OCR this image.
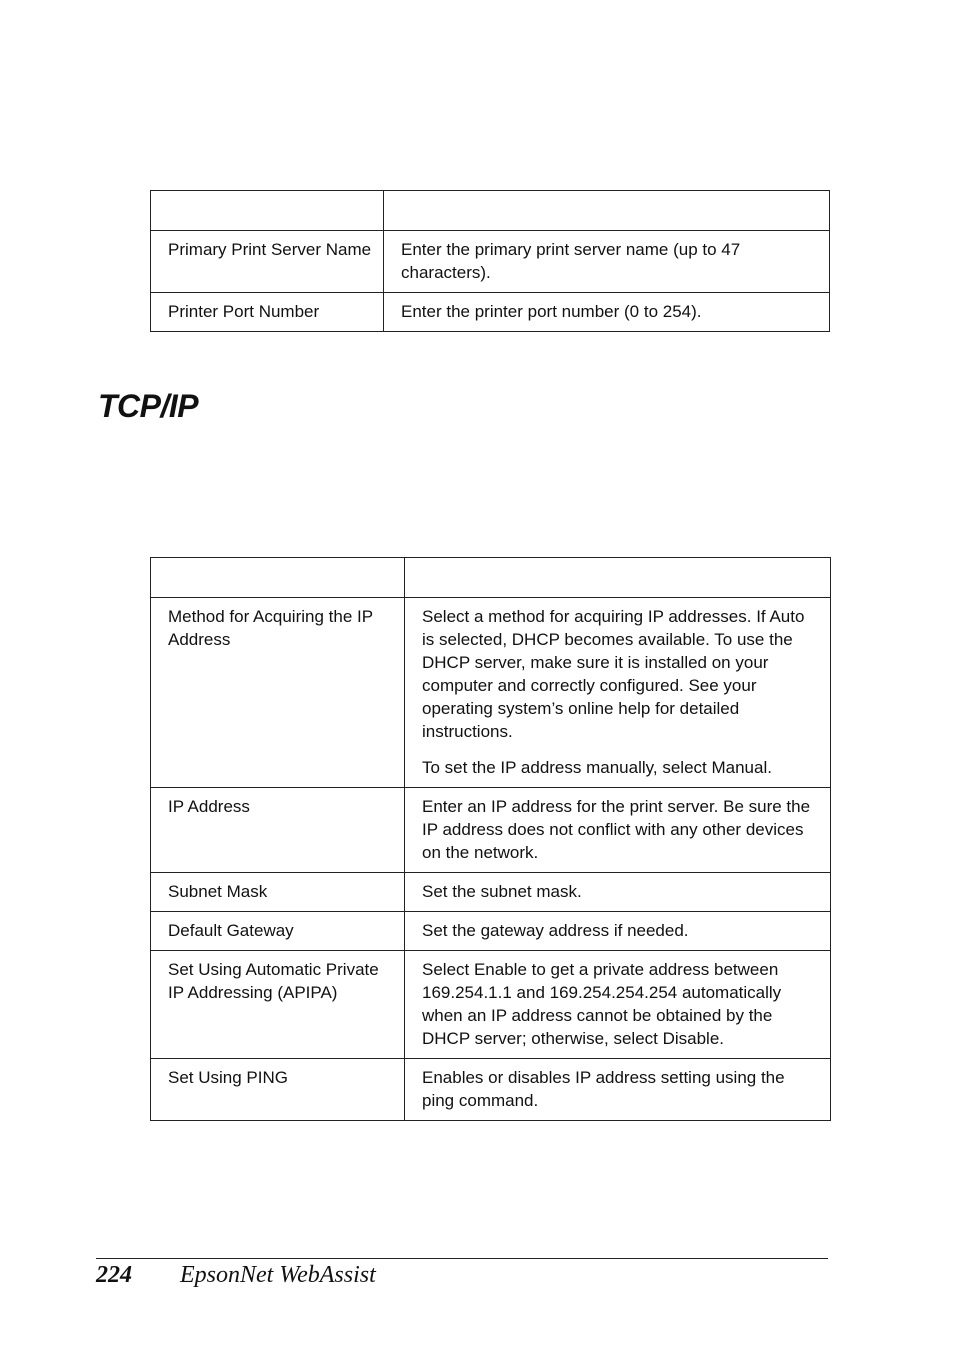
Primary Print Server Name	Enter the primary print server name (up to 47 characters).

Printer Port Number	Enter the printer port number (0 to 254).

TCP/IP

Method for Acquiring the IP Address	Select a method for acquiring IP addresses. If Auto is selected, DHCP becomes available. To use the DHCP server, make sure it is installed on your computer and correctly configured. See your operating system’s online help for detailed instructions.

To set the IP address manually, select Manual.

IP Address	Enter an IP address for the print server. Be sure the IP address does not conflict with any other devices on the network.

Subnet Mask	Set the subnet mask.

Default Gateway	Set the gateway address if needed.

Set Using Automatic Private IP Addressing (APIPA)	Select Enable to get a private address between 169.254.1.1 and 169.254.254.254 automatically when an IP address cannot be obtained by the DHCP server; otherwise, select Disable.

Set Using PING	Enables or disables IP address setting using the ping command.

224 EpsonNet WebAssist
